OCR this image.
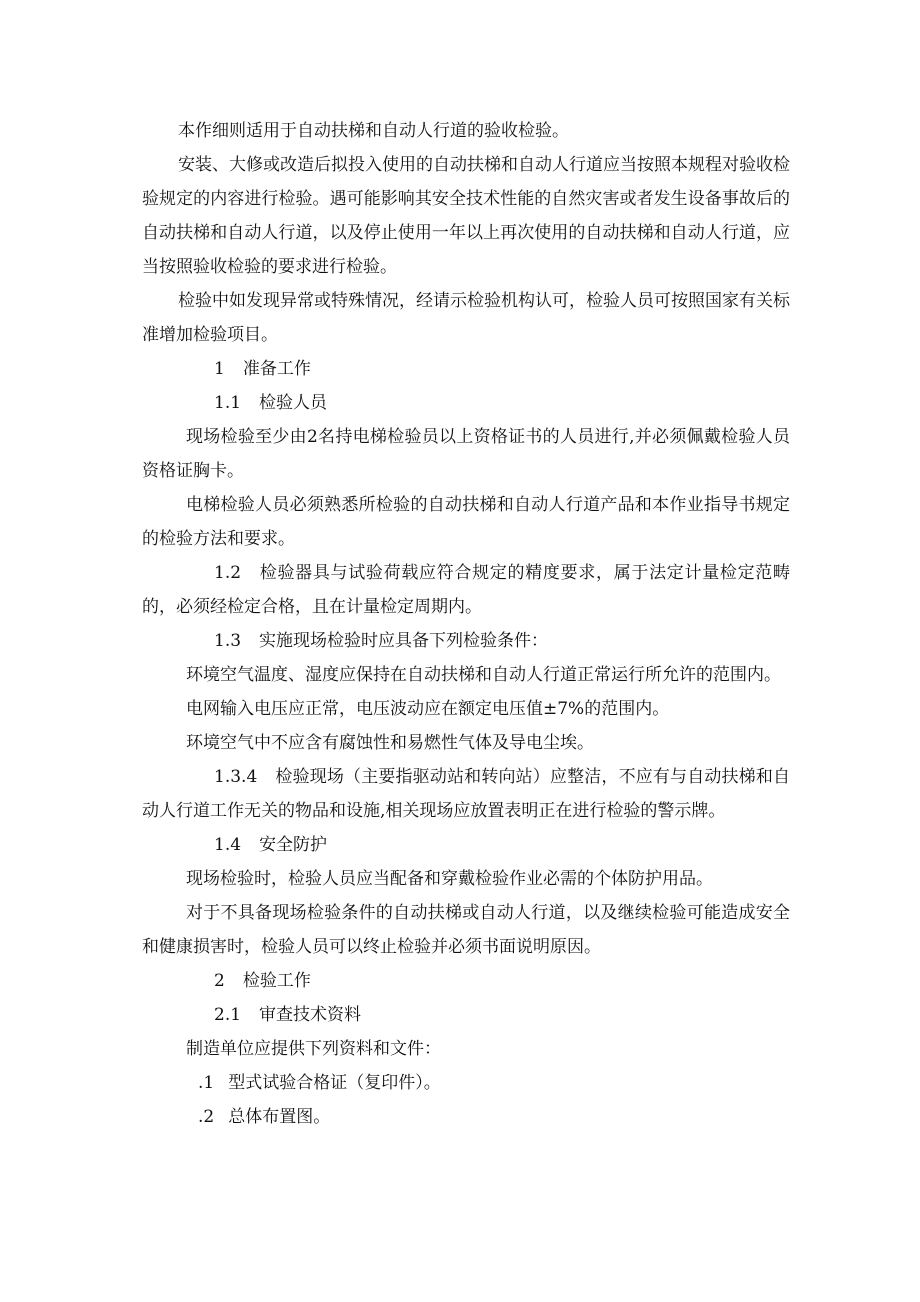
本作细则适用于自动扶梯和自动人行道的验收检验。

安装、大修或改造后拟投入使用的自动扶梯和自动人行道应当按照本规程对验收检验规定的内容进行检验。遇可能影响其安全技术性能的自然灾害或者发生设备事故后的自动扶梯和自动人行道，以及停止使用一年以上再次使用的自动扶梯和自动人行道，应当按照验收检验的要求进行检验。

检验中如发现异常或特殊情况，经请示检验机构认可，检验人员可按照国家有关标准增加检验项目。

1 准备工作

1.1 检验人员

现场检验至少由2名持电梯检验员以上资格证书的人员进行,并必须佩戴检验人员资格证胸卡。

电梯检验人员必须熟悉所检验的自动扶梯和自动人行道产品和本作业指导书规定的检验方法和要求。

1.2 检验器具与试验荷载应符合规定的精度要求，属于法定计量检定范畴的，必须经检定合格，且在计量检定周期内。

1.3 实施现场检验时应具备下列检验条件：

环境空气温度、湿度应保持在自动扶梯和自动人行道正常运行所允许的范围内。

电网输入电压应正常，电压波动应在额定电压值±7%的范围内。

环境空气中不应含有腐蚀性和易燃性气体及导电尘埃。

1.3.4 检验现场（主要指驱动站和转向站）应整洁，不应有与自动扶梯和自动人行道工作无关的物品和设施,相关现场应放置表明正在进行检验的警示牌。

1.4 安全防护

现场检验时，检验人员应当配备和穿戴检验作业必需的个体防护用品。

对于不具备现场检验条件的自动扶梯或自动人行道，以及继续检验可能造成安全和健康损害时，检验人员可以终止检验并必须书面说明原因。

2 检验工作

2.1 审查技术资料

制造单位应提供下列资料和文件：

.1 型式试验合格证（复印件）。

.2 总体布置图。
